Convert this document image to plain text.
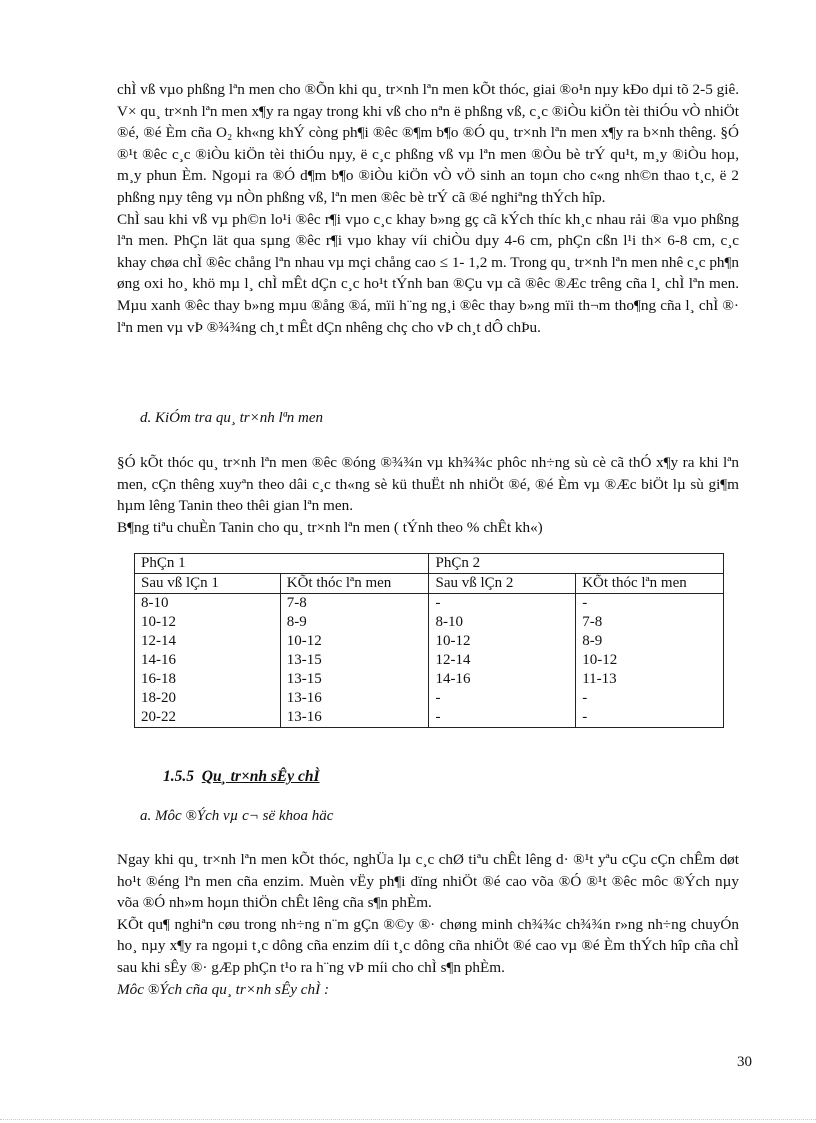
chÌ vß vµo phßng lªn men cho ®Õn khi qu¸ tr×nh lªn men kÕt thóc, giai ®o¹n nµy kÐo dµi tõ 2-5 giê. V× qu¸ tr×nh lªn men x¶y ra ngay trong khi vß cho nªn ë phßng vß, c¸c ®iÒu kiÖn tèi thiÓu vÒ nhiÖt ®é, ®é Èm cña O₂ kh«ng khÝ còng ph¶i ®êc ®¶m b¶o ®Ó qu¸ tr×nh lªn men x¶y ra b×nh thêng. §Ó ®¹t ®êc c¸c ®iÒu kiÖn tèi thiÓu nµy, ë c¸c phßng vß vµ lªn men ®Òu bè trÝ qu¹t, m¸y ®iÒu hoµ, m¸y phun Èm. Ngoµi ra ®Ó d¶m b¶o ®iÒu kiÖn vÒ vÖ sinh an toµn cho c«ng nh©n thao t¸c, ë 2 phßng nµy têng vµ nÒn phßng vß, lªn men ®êc bè trÝ cã ®é nghiªng thÝch hîp.

ChÌ sau khi vß vµ ph©n lo¹i ®êc r¶i vµo c¸c khay b»ng gç cã kÝch thíc kh¸c nhau rải ®a vµo phßng lªn men. PhÇn lät qua sµng ®êc r¶i vµo khay víi chiÒu dµy 4-6 cm, phÇn cßn l¹i th× 6-8 cm, c¸c khay chøa chÌ ®êc chång lªn nhau vµ mçi chång cao ≤ 1- 1,2 m. Trong qu¸ tr×nh lªn men nhê c¸c ph¶n øng oxi ho¸ khö mµ l¸ chÌ mÊt dÇn c¸c ho¹t tÝnh ban ®Çu vµ cã ®êc ®Æc trêng cña l¸ chÌ lªn men. Mµu xanh ®êc thay b»ng mµu ®ång ®á, mïi h¨ng ng¸i ®êc thay b»ng mïi th¬m tho¶ng cña l¸ chÌ ®· lªn men vµ vÞ ®¾¾ng ch¸t mÊt dÇn nhêng chç cho vÞ ch¸t dÔ chÞu.

d. KiÓm tra qu¸ tr×nh lªn men

§Ó kÕt thóc qu¸ tr×nh lªn men ®êc ®óng ®¾¾n vµ kh¾¾c phôc nh÷ng sù cè cã thÓ x¶y ra khi lªn men, cÇn thêng xuyªn theo dâi c¸c th«ng sè kü thuËt nh nhiÖt ®é, ®é Èm vµ ®Æc biÖt lµ sù gi¶m hµm lêng Tanin theo thêi gian lªn men.

B¶ng tiªu chuÈn Tanin cho qu¸ tr×nh lªn men ( tÝnh theo % chÊt kh«)

PhÇn 1		PhÇn 2	
Sau vß lÇn 1	KÕt thóc lªn men	Sau vß lÇn 2	KÕt thóc lªn men
8-10	7-8	-	-
10-12	8-9	8-10	7-8
12-14	10-12	10-12	8-9
14-16	13-15	12-14	10-12
16-18	13-15	14-16	11-13
18-20	13-16	-	-
20-22	13-16	-	-
1.5.5 Qu¸ tr×nh sÊy chÌ
a. Môc ®Ých vµ c¬ së khoa häc

Ngay khi qu¸ tr×nh lªn men kÕt thóc, nghÜa lµ c¸c chØ tiªu chÊt lêng d· ®¹t yªu cÇu cÇn chÊm døt ho¹t ®éng lªn men cña enzim. Muèn vËy ph¶i dïng nhiÖt ®é cao võa ®Ó ®¹t ®êc môc ®Ých nµy võa ®Ó nh»m hoµn thiÖn chÊt lêng cña s¶n phÈm.

KÕt qu¶ nghiªn cøu trong nh÷ng n¨m gÇn ®©y ®· chøng minh ch¾¾c ch¾¾n r»ng nh÷ng chuyÓn ho¸ nµy x¶y ra ngoµi t¸c dông cña enzim díi t¸c dông cña nhiÖt ®é cao vµ ®é Èm thÝch hîp cña chÌ sau khi sÊy ®· gÆp phÇn t¹o ra h¨ng vÞ míi cho chÌ s¶n phÈm.

Môc ®Ých cña qu¸ tr×nh sÊy chÌ :

30
